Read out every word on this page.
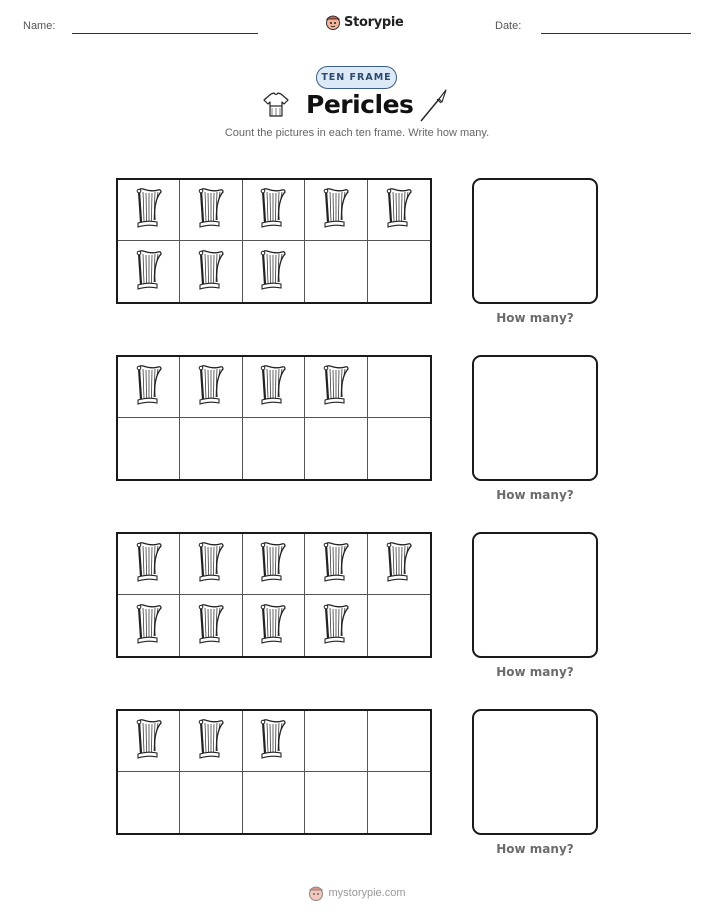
Name:	Storypie	Date:
TEN FRAME
Pericles
Count the pictures in each ten frame. Write how many.
How many?
How many?
How many?
How many?
mystorypie.com
